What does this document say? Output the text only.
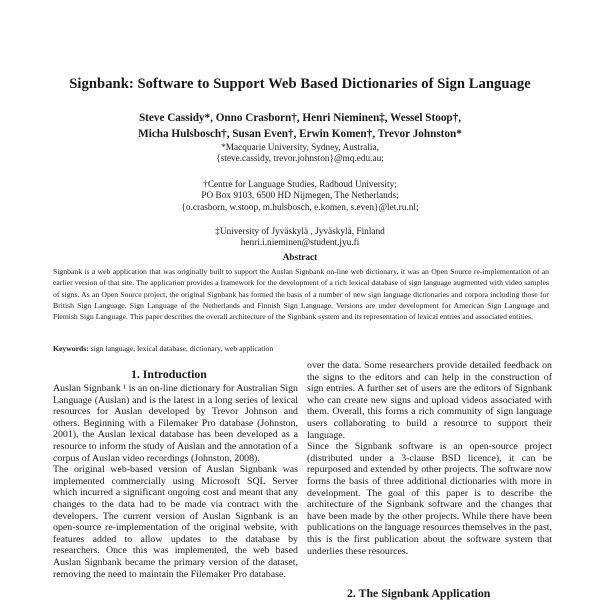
Signbank: Software to Support Web Based Dictionaries of Sign Language
Steve Cassidy*, Onno Crasborn†, Henri Nieminen‡, Wessel Stoop†,
Micha Hulsbosch†, Susan Even†, Erwin Komen†, Trevor Johnston*
*Macquarie University, Sydney, Australia,
{steve.cassidy, trevor.johnston}@mq.edu.au;
†Centre for Language Studies, Radboud University;
PO Box 9103, 6500 HD Nijmegen, The Netherlands;
{o.crasborn, w.stoop, m.hulsbosch, e.komen, s.even}@let.ru.nl;
‡University of Jyväskylä , Jyväskylä, Finland
henri.i.nieminen@student.jyu.fi
Abstract
Signbank is a web application that was originally built to support the Auslan Signbank on-line web dictionary, it was an Open Source re-implementation of an earlier version of that site. The application provides a framework for the development of a rich lexical database of sign language augmented with video samples of signs. As an Open Source project, the original Signbank has formed the basis of a number of new sign language dictionaries and corpora including those for British Sign Language, Sign Language of the Netherlands and Finnish Sign Language. Versions are under development for American Sign Language and Flemish Sign Language. This paper describes the overall architecture of the Signbank system and its representation of lexical entries and associated entities.
Keywords: sign language, lexical database, dictionary, web application
1. Introduction

Auslan Signbank ¹ is an on-line dictionary for Australian Sign Language (Auslan) and is the latest in a long series of lexical resources for Auslan developed by Trevor Johnson and others. Beginning with a Filemaker Pro database (Johnston, 2001), the Auslan lexical database has been developed as a resource to inform the study of Auslan and the annotation of a corpus of Auslan video recordings (Johnston, 2008).

The original web-based version of Auslan Signbank was implemented commercially using Microsoft SQL Server which incurred a significant ongoing cost and meant that any changes to the data had to be made via contract with the developers. The current version of Auslan Signbank is an open-source re-implementation of the original website, with features added to allow updates to the database by researchers. Once this was implemented, the web based Auslan Signbank became the primary version of the dataset, removing the need to maintain the Filemaker Pro database.

over the data. Some researchers provide detailed feedback on the signs to the editors and can help in the construction of sign entries. A further set of users are the editors of Signbank who can create new signs and upload videos associated with them. Overall, this forms a rich community of sign language users collaborating to build a resource to support their language.

Since the Signbank software is an open-source project (distributed under a 3-clause BSD licence), it can be repurposed and extended by other projects. The software now forms the basis of three additional dictionaries with more in development. The goal of this paper is to describe the architecture of the Signbank software and the changes that have been made by the other projects. While there have been publications on the language resources themselves in the past, this is the first publication about the software system that underlies these resources.

2. The Signbank Application
